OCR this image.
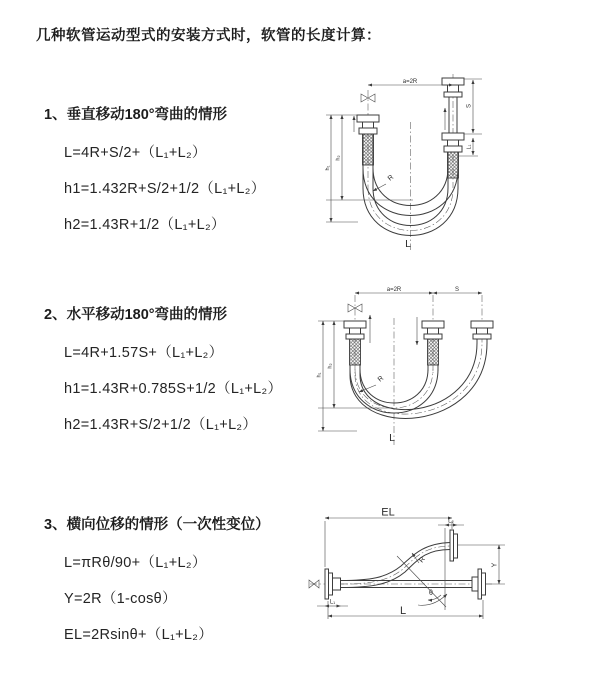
几种软管运动型式的安装方式时，软管的长度计算：
1、垂直移动180°弯曲的情形
L=4R+S/2+（L₁+L₂）
h1=1.432R+S/2+1/2（L₁+L₂）
h2=1.43R+1/2（L₁+L₂）
2、水平移动180°弯曲的情形
L=4R+1.57S+（L₁+L₂）
h1=1.43R+0.785S+1/2（L₁+L₂）
h2=1.43R+S/2+1/2（L₁+L₂）
3、横向位移的情形（一次性变位）
L=πRθ/90+（L₁+L₂）
Y=2R（1-cosθ）
EL=2Rsinθ+（L₁+L₂）
a=2R
S
L₁
h₁
h₂
R
L
a=2R	S
h₁
h₂
R
L
EL
L₂
Y
θ
R
L
L₁
